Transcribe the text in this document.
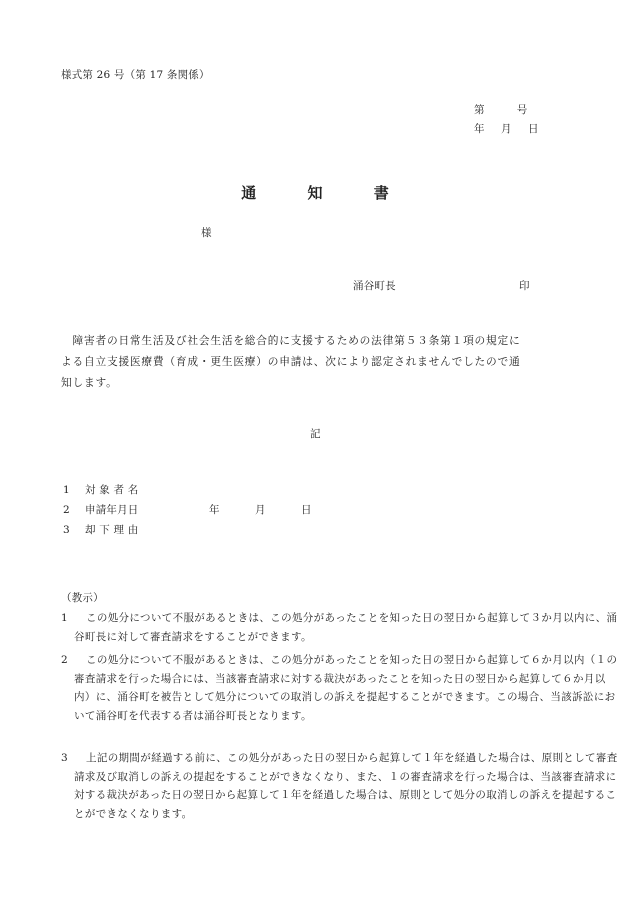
様式第 26 号（第 17 条関係）
第　　　号
年　月　日
通	知	書
様
涌谷町長	印
　障害者の日常生活及び社会生活を総合的に支援するための法律第５３条第１項の規定に
よる自立支援医療費（育成・更生医療）の申請は、次により認定されませんでしたので通
知します。
記
1 対 象 者 名
2 申請年月日	年　　　月　　　日
3 却 下 理 由
（教示）
1	この処分について不服があるときは、この処分があったことを知った日の翌日から起算して３か月以内に、涌谷町長に対して審査請求をすることができます。
2	この処分について不服があるときは、この処分があったことを知った日の翌日から起算して６か月以内（１の審査請求を行った場合には、当該審査請求に対する裁決があったことを知った日の翌日から起算して６か月以内）に、涌谷町を被告として処分についての取消しの訴えを提起することができます。この場合、当該訴訟において涌谷町を代表する者は涌谷町長となります。
3	上記の期間が経過する前に、この処分があった日の翌日から起算して１年を経過した場合は、原則として審査請求及び取消しの訴えの提起をすることができなくなり、また、１の審査請求を行った場合は、当該審査請求に対する裁決があった日の翌日から起算して１年を経過した場合は、原則として処分の取消しの訴えを提起することができなくなります。
